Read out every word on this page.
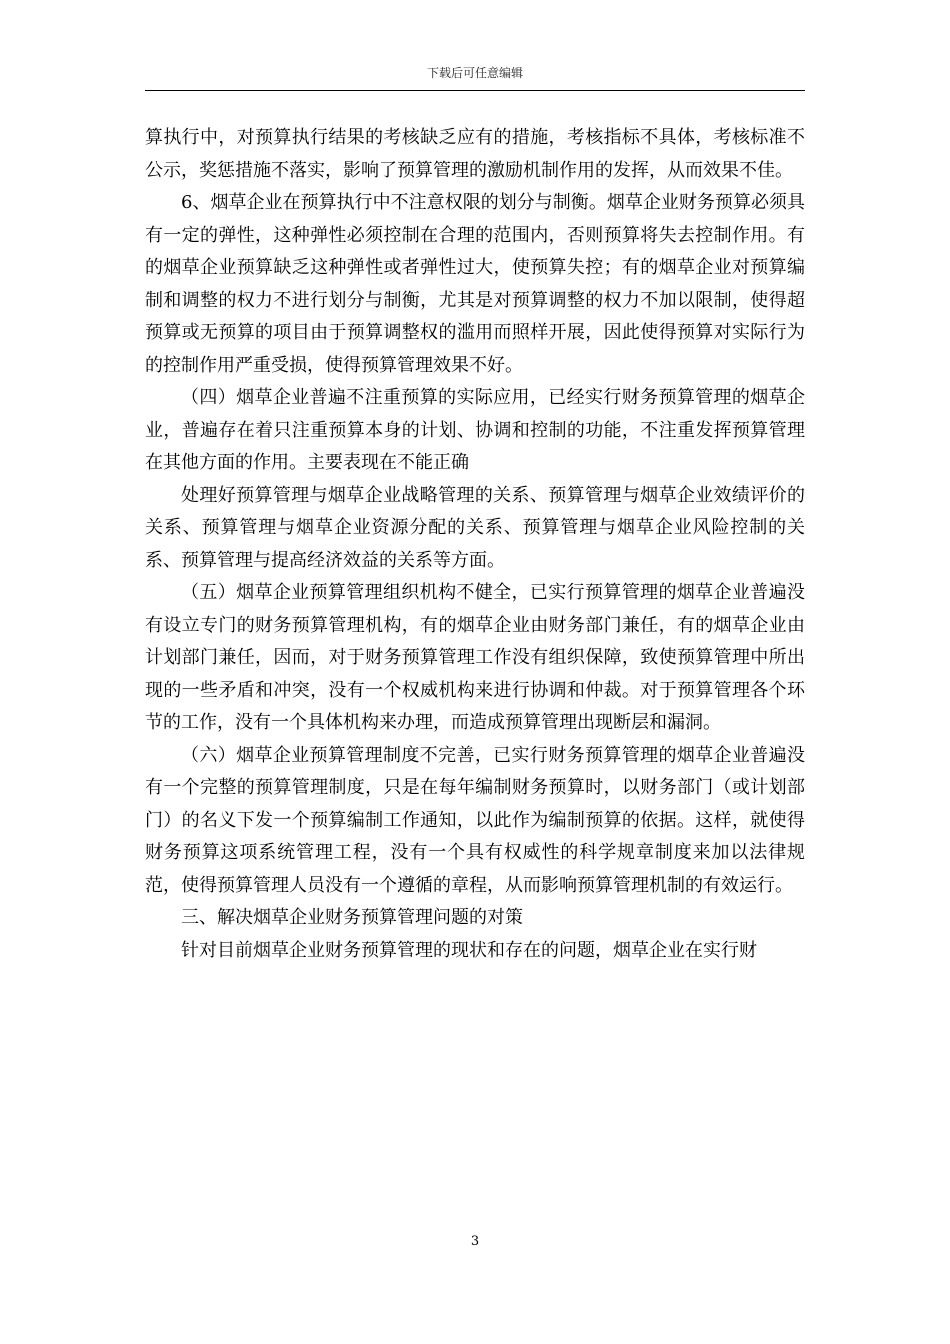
下载后可任意编辑

算执行中，对预算执行结果的考核缺乏应有的措施，考核指标不具体，考核标准不公示，奖惩措施不落实，影响了预算管理的激励机制作用的发挥，从而效果不佳。

6、烟草企业在预算执行中不注意权限的划分与制衡。烟草企业财务预算必须具有一定的弹性，这种弹性必须控制在合理的范围内，否则预算将失去控制作用。有的烟草企业预算缺乏这种弹性或者弹性过大，使预算失控；有的烟草企业对预算编制和调整的权力不进行划分与制衡，尤其是对预算调整的权力不加以限制，使得超预算或无预算的项目由于预算调整权的滥用而照样开展，因此使得预算对实际行为的控制作用严重受损，使得预算管理效果不好。

（四）烟草企业普遍不注重预算的实际应用，已经实行财务预算管理的烟草企业，普遍存在着只注重预算本身的计划、协调和控制的功能，不注重发挥预算管理在其他方面的作用。主要表现在不能正确

处理好预算管理与烟草企业战略管理的关系、预算管理与烟草企业效绩评价的关系、预算管理与烟草企业资源分配的关系、预算管理与烟草企业风险控制的关系、预算管理与提高经济效益的关系等方面。

（五）烟草企业预算管理组织机构不健全，已实行预算管理的烟草企业普遍没有设立专门的财务预算管理机构，有的烟草企业由财务部门兼任，有的烟草企业由计划部门兼任，因而，对于财务预算管理工作没有组织保障，致使预算管理中所出现的一些矛盾和冲突，没有一个权威机构来进行协调和仲裁。对于预算管理各个环节的工作，没有一个具体机构来办理，而造成预算管理出现断层和漏洞。

（六）烟草企业预算管理制度不完善，已实行财务预算管理的烟草企业普遍没有一个完整的预算管理制度，只是在每年编制财务预算时，以财务部门（或计划部门）的名义下发一个预算编制工作通知，以此作为编制预算的依据。这样，就使得财务预算这项系统管理工程，没有一个具有权威性的科学规章制度来加以法律规范，使得预算管理人员没有一个遵循的章程，从而影响预算管理机制的有效运行。

三、解决烟草企业财务预算管理问题的对策

针对目前烟草企业财务预算管理的现状和存在的问题，烟草企业在实行财

3
